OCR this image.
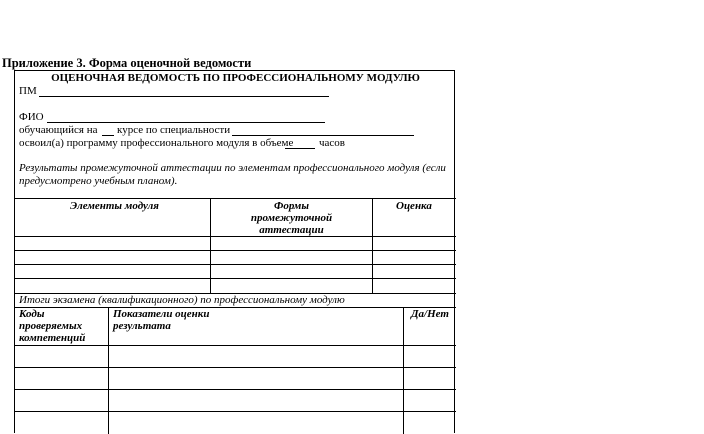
Приложение 3. Форма оценочной ведомости
ОЦЕНОЧНАЯ ВЕДОМОСТЬ ПО ПРОФЕССИОНАЛЬНОМУ МОДУЛЮ
ПМ
ФИО
обучающийся на курсе по специальности
освоил(а) программу профессионального модуля в объеме часов
Результаты промежуточной аттестации по элементам профессионального модуля (если
предусмотрено учебным планом).
Элементы модуля	Формы
промежуточной
аттестации
Оценка
Итоги экзамена (квалификационного) по профессиональному модулю
Коды
проверяемых
компетенций
Показатели оценки
результата
Да/Нет
